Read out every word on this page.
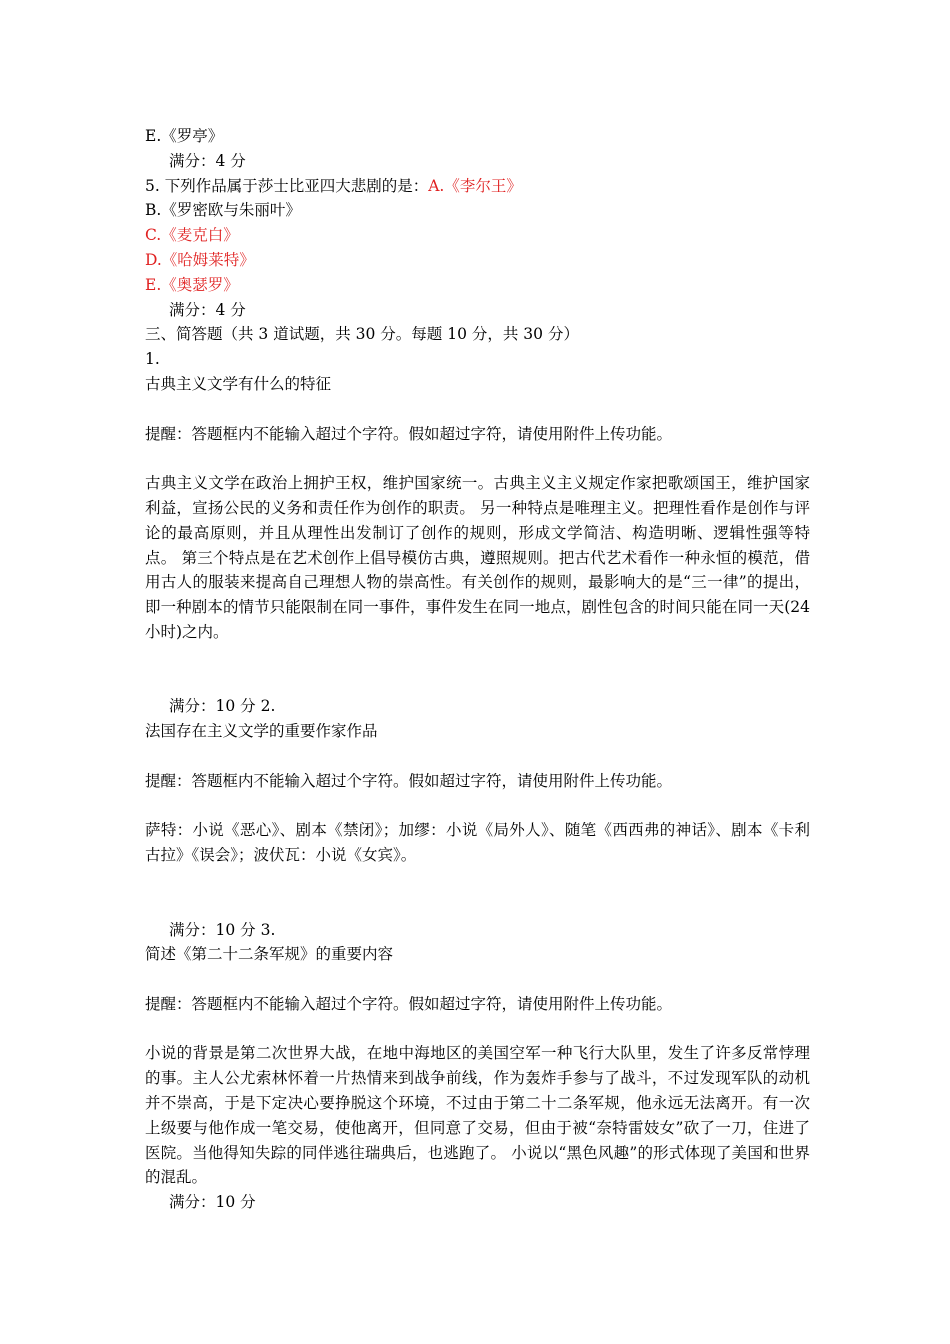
E.《罗亭》
满分：4 分
5. 下列作品属于莎士比亚四大悲剧的是：A.《李尔王》
B.《罗密欧与朱丽叶》
C.《麦克白》
D.《哈姆莱特》
E.《奥瑟罗》
满分：4 分
三、简答题（共 3 道试题，共 30 分。每题 10 分，共 30 分）
1.
古典主义文学有什么的特征
提醒：答题框内不能输入超过个字符。假如超过字符，请使用附件上传功能。
古典主义文学在政治上拥护王权，维护国家统一。古典主义主义规定作家把歌颂国王，维护国家利益，宣扬公民的义务和责任作为创作的职责。 另一种特点是唯理主义。把理性看作是创作与评论的最高原则，并且从理性出发制订了创作的规则，形成文学简洁、构造明晰、逻辑性强等特点。 第三个特点是在艺术创作上倡导模仿古典，遵照规则。把古代艺术看作一种永恒的模范，借用古人的服装来提高自己理想人物的崇高性。有关创作的规则，最影响大的是“三一律”的提出，即一种剧本的情节只能限制在同一事件，事件发生在同一地点，剧性包含的时间只能在同一天(24 小时)之内。
满分：10 分 2.
法国存在主义文学的重要作家作品
提醒：答题框内不能输入超过个字符。假如超过字符，请使用附件上传功能。
萨特：小说《恶心》、剧本《禁闭》；加缪：小说《局外人》、随笔《西西弗的神话》、剧本《卡利古拉》《误会》；波伏瓦：小说《女宾》。
满分：10 分 3.
简述《第二十二条军规》的重要内容
提醒：答题框内不能输入超过个字符。假如超过字符，请使用附件上传功能。
小说的背景是第二次世界大战，在地中海地区的美国空军一种飞行大队里，发生了许多反常悖理的事。主人公尤索林怀着一片热情来到战争前线，作为轰炸手参与了战斗，不过发现军队的动机并不崇高，于是下定决心要挣脱这个环境，不过由于第二十二条军规，他永远无法离开。有一次上级要与他作成一笔交易，使他离开，但同意了交易，但由于被“奈特雷妓女”砍了一刀，住进了医院。当他得知失踪的同伴逃往瑞典后，也逃跑了。 小说以“黑色风趣”的形式体现了美国和世界的混乱。
满分：10 分
